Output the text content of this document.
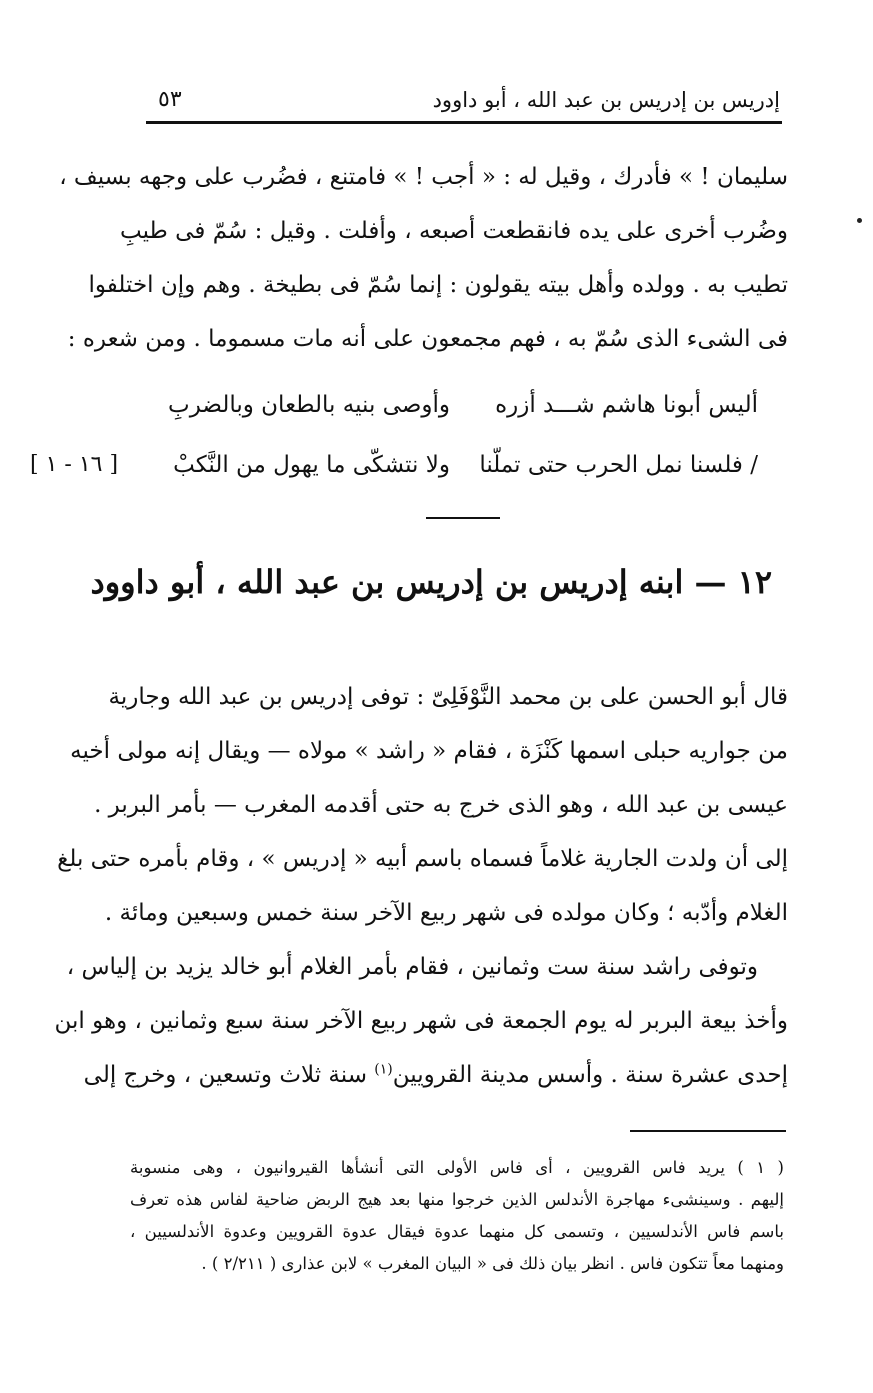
إدريس بن إدريس بن عبد الله ، أبو داوود
٥٣
سليمان ! » فأدرك ، وقيل له : « أجب ! » فامتنع ، فضُرب على وجهه بسيف ،
وضُرب أخرى على يده فانقطعت أصبعه ، وأفلت . وقيل : سُمّ فى طيبِ
تطيب به . وولده وأهل بيته يقولون : إنما سُمّ فى بطيخة . وهم وإن اختلفوا
فى الشىء الذى سُمّ به ، فهم مجمعون على أنه مات مسموما . ومن شعره :
أليس أبونا هاشم شـــد أزره
وأوصى بنيه بالطعان وبالضربِ
/ فلسنا نمل الحرب حتى تملّنا
ولا نتشكّى ما يهول من النَّكبْ
[ ١٦ - ١ ]
١٢ — ابنه إدريس بن إدريس بن عبد الله ، أبو داوود
قال أبو الحسن على بن محمد النَّوْفَلِىّ : توفى إدريس بن عبد الله وجارية
من جواريه حبلى اسمها كَنْزَة ، فقام « راشد » مولاه — ويقال إنه مولى أخيه
عيسى بن عبد الله ، وهو الذى خرج به حتى أقدمه المغرب — بأمر البربر .
إلى أن ولدت الجارية غلاماً فسماه باسم أبيه « إدريس » ، وقام بأمره حتى بلغ
الغلام وأدّبه ؛ وكان مولده فى شهر ربيع الآخر سنة خمس وسبعين ومائة .
وتوفى راشد سنة ست وثمانين ، فقام بأمر الغلام أبو خالد يزيد بن إلياس ،
وأخذ بيعة البربر له يوم الجمعة فى شهر ربيع الآخر سنة سبع وثمانين ، وهو ابن
إحدى عشرة سنة . وأسس مدينة القرويين$^{(١)}$ سنة ثلاث وتسعين ، وخرج إلى
( ١ ) يريد فاس القرويين ، أى فاس الأولى التى أنشأها القيروانيون ، وهى منسوبة
إليهم . وسينشىء مهاجرة الأندلس الذين خرجوا منها بعد هيج الربض ضاحية لفاس هذه تعرف
باسم فاس الأندلسيين ، وتسمى كل منهما عدوة فيقال عدوة القرويين وعدوة الأندلسيين ،
ومنهما معاً تتكون فاس . انظر بيان ذلك فى « البيان المغرب » لابن عذارى ( ٢/٢١١ ) .
